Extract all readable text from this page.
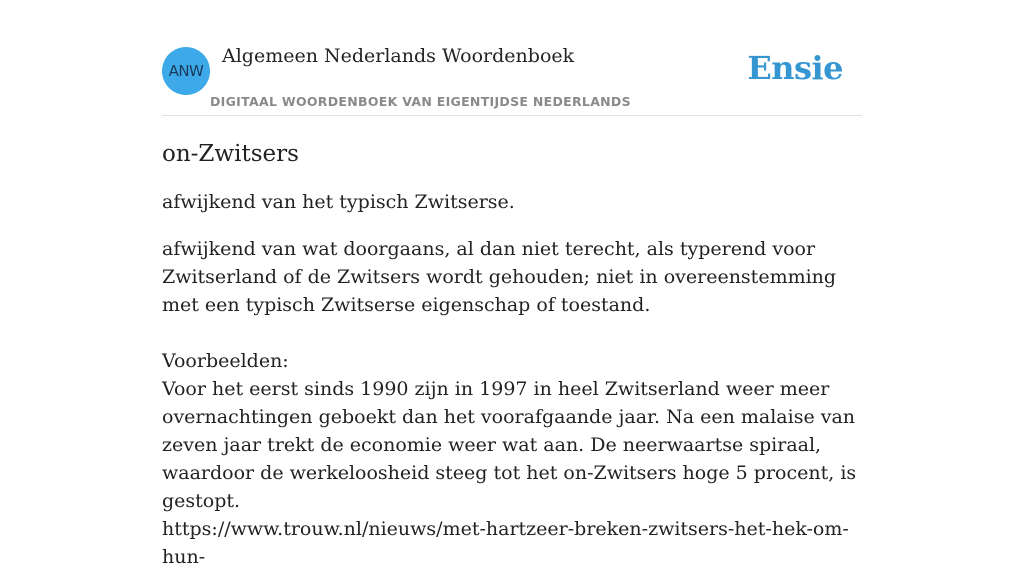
ANW
Algemeen Nederlands Woordenboek
DIGITAAL WOORDENBOEK VAN EIGENTIJDSE NEDERLANDS
Ensie
on-Zwitsers

afwijkend van het typisch Zwitserse.

afwijkend van wat doorgaans, al dan niet terecht, als typerend voor Zwitserland of de Zwitsers wordt gehouden; niet in overeenstemming met een typisch Zwitserse eigenschap of toestand.

Voorbeelden:
Voor het eerst sinds 1990 zijn in 1997 in heel Zwitserland weer meer overnachtingen geboekt dan het voorafgaande jaar. Na een malaise van zeven jaar trekt de economie weer wat aan. De neerwaartse spiraal, waardoor de werkeloosheid steeg tot het on-Zwitsers hoge 5 procent, is gestopt.
https://www.trouw.nl/nieuws/met-hartzeer-breken-zwitsers-het-hek-om-hun-
